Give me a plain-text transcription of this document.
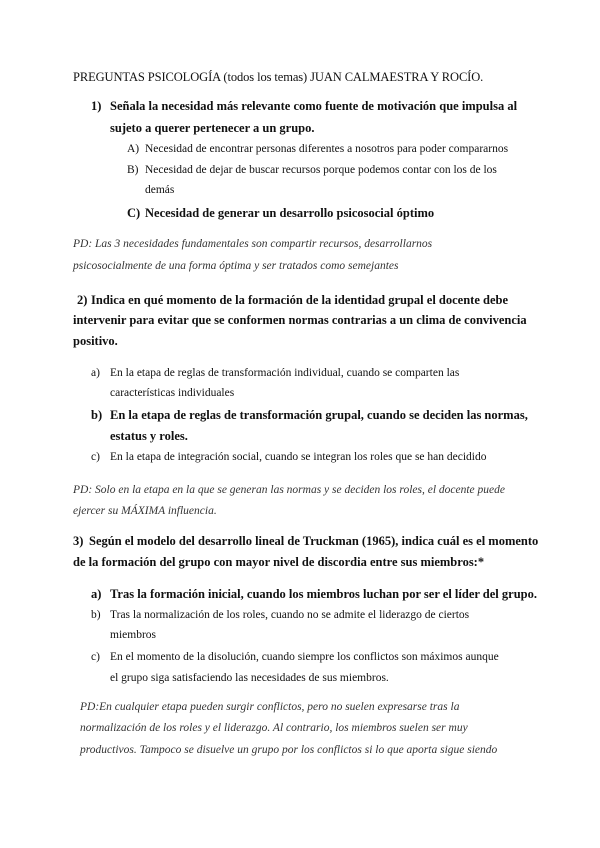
PREGUNTAS PSICOLOGÍA (todos los temas) JUAN CALMAESTRA Y ROCÍO.

1) Señala la necesidad más relevante como fuente de motivación que impulsa al

sujeto a querer pertenecer a un grupo.

A) Necesidad de encontrar personas diferentes a nosotros para poder compararnos

B) Necesidad de dejar de buscar recursos porque podemos contar con los de los

demás

C) Necesidad de generar un desarrollo psicosocial óptimo

PD: Las 3 necesidades fundamentales son compartir recursos, desarrollarnos

psicosocialmente de una forma óptima y ser tratados como semejantes

2) Indica en qué momento de la formación de la identidad grupal el docente debe

intervenir para evitar que se conformen normas contrarias a un clima de convivencia

positivo.

a) En la etapa de reglas de transformación individual, cuando se comparten las

características individuales

b) En la etapa de reglas de transformación grupal, cuando se deciden las normas,

estatus y roles.

c) En la etapa de integración social, cuando se integran los roles que se han decidido

PD: Solo en la etapa en la que se generan las normas y se deciden los roles, el docente puede

ejercer su MÁXIMA influencia.

3) Según el modelo del desarrollo lineal de Truckman (1965), indica cuál es el momento

de la formación del grupo con mayor nivel de discordia entre sus miembros:*

a) Tras la formación inicial, cuando los miembros luchan por ser el líder del grupo.

b) Tras la normalización de los roles, cuando no se admite el liderazgo de ciertos

miembros

c) En el momento de la disolución, cuando siempre los conflictos son máximos aunque

el grupo siga satisfaciendo las necesidades de sus miembros.

PD:En cualquier etapa pueden surgir conflictos, pero no suelen expresarse tras la

normalización de los roles y el liderazgo. Al contrario, los miembros suelen ser muy

productivos. Tampoco se disuelve un grupo por los conflictos si lo que aporta sigue siendo
